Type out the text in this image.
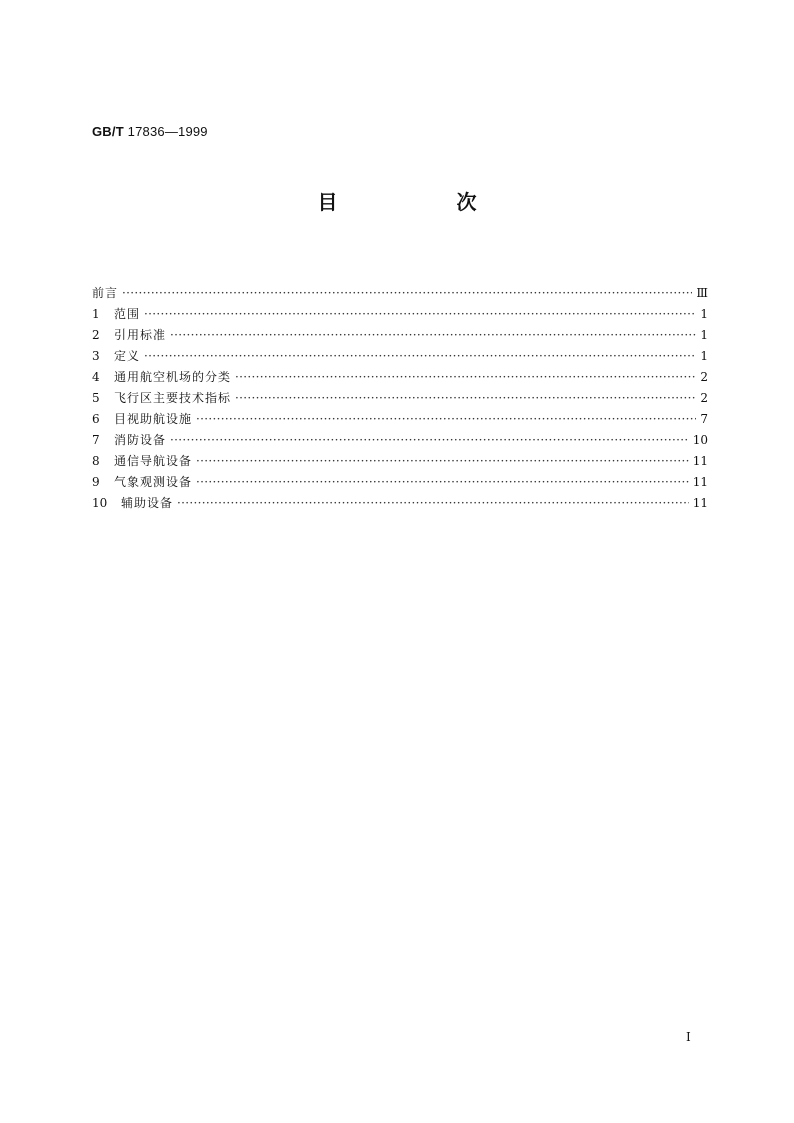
GB/T 17836—1999
目 次
前言 ·····	Ⅲ
1	范围 ·····	1
2	引用标准 ·····	1
3	定义 ·····	1
4	通用航空机场的分类 ·····	2
5	飞行区主要技术指标 ·····	2
6	目视助航设施 ·····	7
7	消防设备 ·····	10
8	通信导航设备 ·····	11
9	气象观测设备 ·····	11
10	辅助设备 ·····	11
I
